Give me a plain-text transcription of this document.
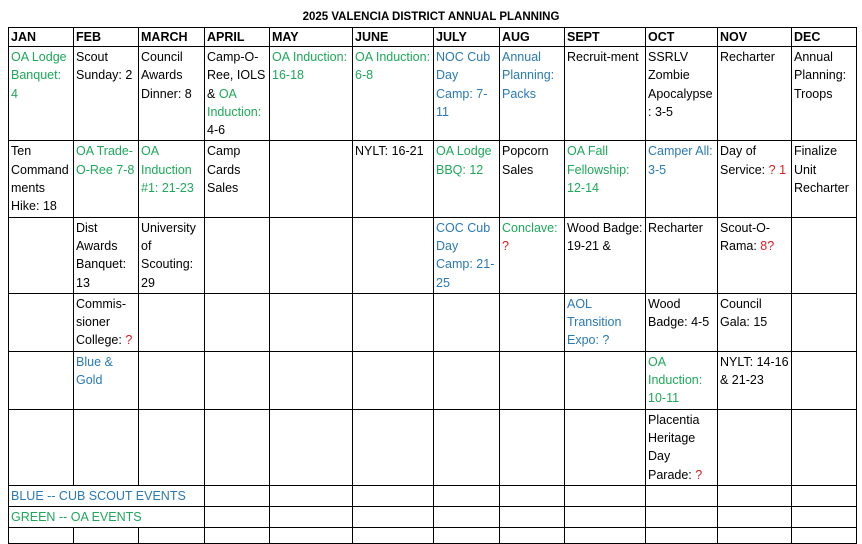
2025 VALENCIA DISTRICT ANNUAL PLANNING
JAN	FEB	MARCH	APRIL	MAY	JUNE	JULY	AUG	SEPT	OCT	NOV	DEC
OA Lodge Banquet: 4	Scout Sunday: 2	Council Awards Dinner: 8	Camp-O-Ree, IOLS & OA Induction: 4-6	OA Induction: 16-18	OA Induction: 6-8	NOC Cub Day Camp: 7-11	Annual Planning: Packs	Recruit-ment	SSRLV Zombie Apocalypse: 3-5	Recharter	Annual Planning: Troops
Ten Commandments Hike: 18	OA Trade-O-Ree 7-8	OA Induction #1: 21-23	Camp Cards Sales		NYLT: 16-21	OA Lodge BBQ: 12	Popcorn Sales	OA Fall Fellowship: 12-14	Camper All: 3-5	Day of Service: ? 1	Finalize Unit Recharter
	Dist Awards Banquet: 13	University of Scouting: 29				COC Cub Day Camp: 21-25	Conclave: ?	Wood Badge: 19-21 &	Recharter	Scout-O-Rama: 8?	
	Commis-sioner College: ?							AOL Transition Expo: ?	Wood Badge: 4-5	Council Gala: 15	
	Blue & Gold								OA Induction: 10-11	NYLT: 14-16 & 21-23	
									Placentia Heritage Day Parade: ?		
BLUE -- CUB SCOUT EVENTS											
GREEN -- OA EVENTS											
